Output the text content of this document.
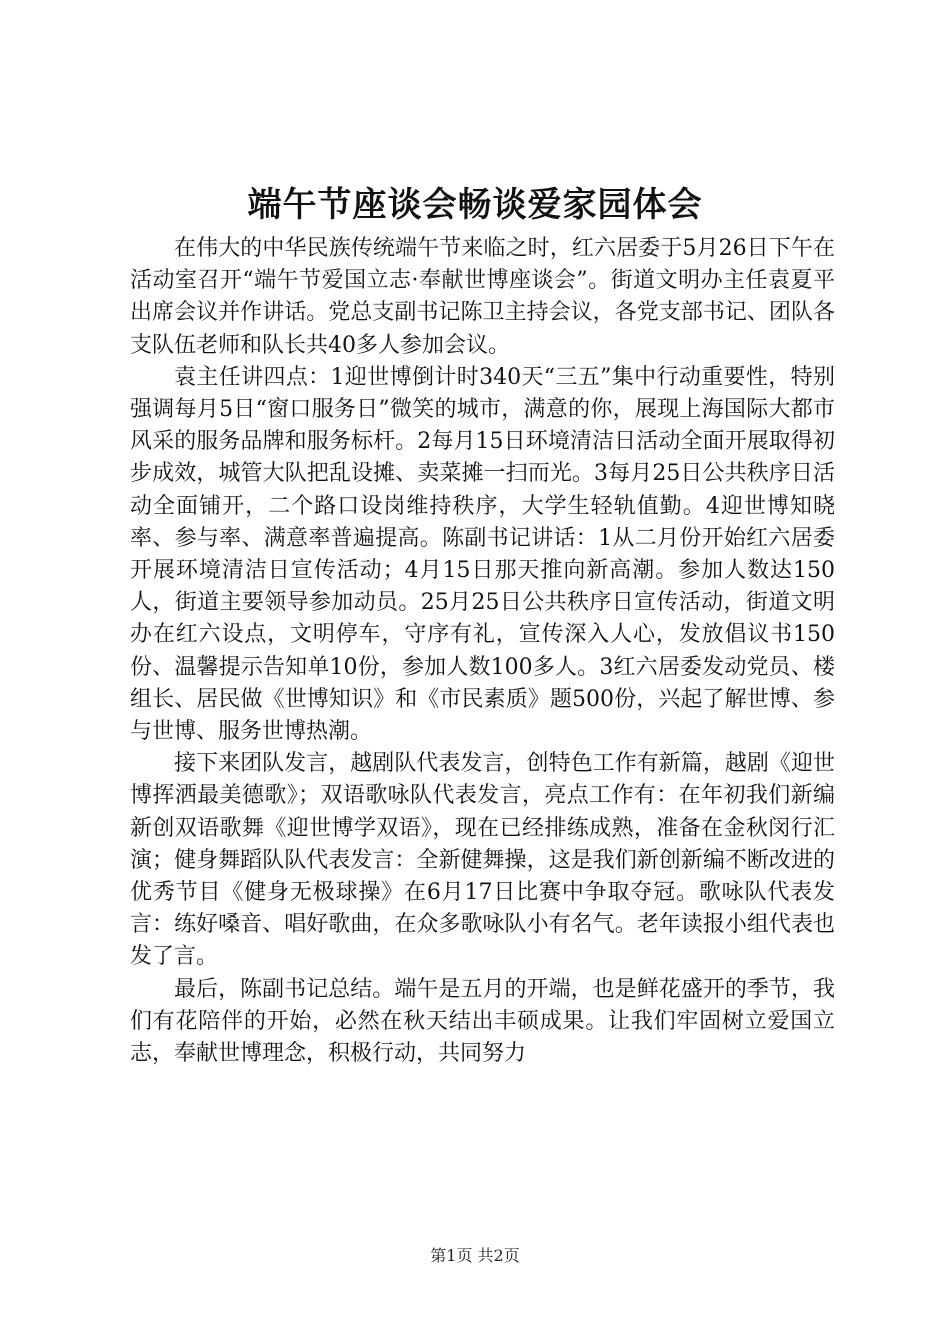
端午节座谈会畅谈爱家园体会

在伟大的中华民族传统端午节来临之时，红六居委于5月26日下午在活动室召开“端午节爱国立志·奉献世博座谈会”。街道文明办主任袁夏平出席会议并作讲话。党总支副书记陈卫主持会议，各党支部书记、团队各支队伍老师和队长共40多人参加会议。

袁主任讲四点：1迎世博倒计时340天“三五”集中行动重要性，特别强调每月5日“窗口服务日”微笑的城市，满意的你，展现上海国际大都市风采的服务品牌和服务标杆。2每月15日环境清洁日活动全面开展取得初步成效，城管大队把乱设摊、卖菜摊一扫而光。3每月25日公共秩序日活动全面铺开，二个路口设岗维持秩序，大学生轻轨值勤。4迎世博知晓率、参与率、满意率普遍提高。陈副书记讲话：1从二月份开始红六居委开展环境清洁日宣传活动；4月15日那天推向新高潮。参加人数达150人，街道主要领导参加动员。25月25日公共秩序日宣传活动，街道文明办在红六设点，文明停车，守序有礼，宣传深入人心，发放倡议书150份、温馨提示告知单10份，参加人数100多人。3红六居委发动党员、楼组长、居民做《世博知识》和《市民素质》题500份，兴起了解世博、参与世博、服务世博热潮。

接下来团队发言，越剧队代表发言，创特色工作有新篇，越剧《迎世博挥洒最美德歌》；双语歌咏队代表发言，亮点工作有：在年初我们新编新创双语歌舞《迎世博学双语》，现在已经排练成熟，准备在金秋闵行汇演；健身舞蹈队队代表发言：全新健舞操，这是我们新创新编不断改进的优秀节目《健身无极球操》在6月17日比赛中争取夺冠。歌咏队代表发言：练好嗓音、唱好歌曲，在众多歌咏队小有名气。老年读报小组代表也发了言。

最后，陈副书记总结。端午是五月的开端，也是鲜花盛开的季节，我们有花陪伴的开始，必然在秋天结出丰硕成果。让我们牢固树立爱国立志，奉献世博理念，积极行动，共同努力

第1页 共2页
